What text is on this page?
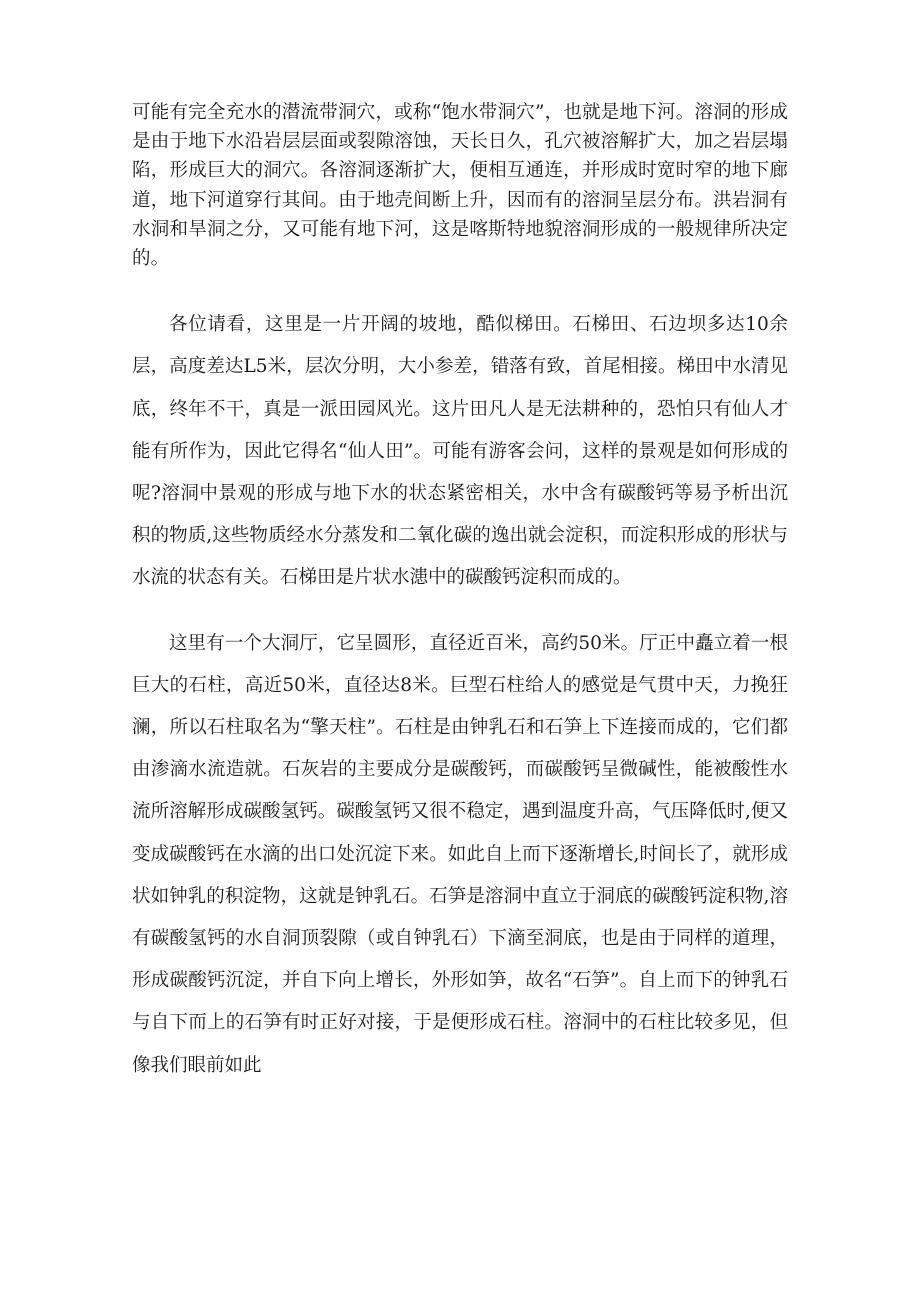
可能有完全充水的潜流带洞穴，或称“饱水带洞穴”，也就是地下河。溶洞的形成是由于地下水沿岩层层面或裂隙溶蚀，天长日久，孔穴被溶解扩大，加之岩层塌陷，形成巨大的洞穴。各溶洞逐渐扩大，便相互通连，并形成时宽时窄的地下廊道，地下河道穿行其间。由于地壳间断上升，因而有的溶洞呈层分布。洪岩洞有水洞和旱洞之分，又可能有地下河，这是喀斯特地貌溶洞形成的一般规律所决定的。

各位请看，这里是一片开阔的坡地，酷似梯田。石梯田、石边坝多达10余层，高度差达L5米，层次分明，大小参差，错落有致，首尾相接。梯田中水清见底，终年不干，真是一派田园风光。这片田凡人是无法耕种的，恐怕只有仙人才能有所作为，因此它得名“仙人田”。可能有游客会问，这样的景观是如何形成的呢?溶洞中景观的形成与地下水的状态紧密相关，水中含有碳酸钙等易予析出沉积的物质,这些物质经水分蒸发和二氧化碳的逸出就会淀积，而淀积形成的形状与水流的状态有关。石梯田是片状水漶中的碳酸钙淀积而成的。

这里有一个大洞厅，它呈圆形，直径近百米，高约50米。厅正中矗立着一根巨大的石柱，高近50米，直径达8米。巨型石柱给人的感觉是气贯中天，力挽狂澜，所以石柱取名为“擎天柱”。石柱是由钟乳石和石笋上下连接而成的，它们都由渗滴水流造就。石灰岩的主要成分是碳酸钙，而碳酸钙呈微碱性，能被酸性水流所溶解形成碳酸氢钙。碳酸氢钙又很不稳定，遇到温度升高，气压降低时,便又变成碳酸钙在水滴的出口处沉淀下来。如此自上而下逐渐增长,时间长了，就形成状如钟乳的积淀物，这就是钟乳石。石笋是溶洞中直立于洞底的碳酸钙淀积物,溶有碳酸氢钙的水自洞顶裂隙（或自钟乳石）下滴至洞底，也是由于同样的道理，形成碳酸钙沉淀，并自下向上增长，外形如笋，故名“石笋”。自上而下的钟乳石与自下而上的石笋有时正好对接，于是便形成石柱。溶洞中的石柱比较多见，但像我们眼前如此
